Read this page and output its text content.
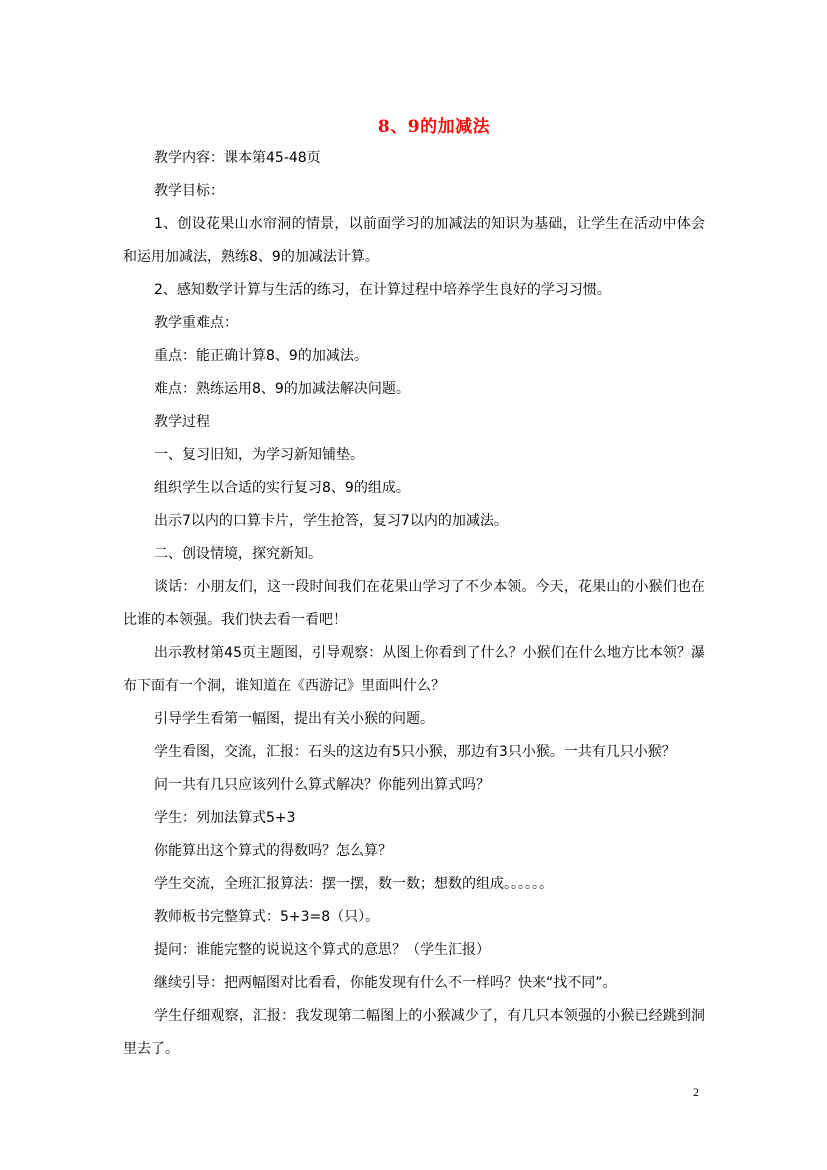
8、9的加减法

教学内容：课本第45-48页

教学目标：

1、创设花果山水帘洞的情景，以前面学习的加减法的知识为基础，让学生在活动中体会和运用加减法，熟练8、9的加减法计算。

2、感知数学计算与生活的练习，在计算过程中培养学生良好的学习习惯。

教学重难点：

重点：能正确计算8、9的加减法。

难点：熟练运用8、9的加减法解决问题。

教学过程

一、复习旧知，为学习新知铺垫。

组织学生以合适的实行复习8、9的组成。

出示7以内的口算卡片，学生抢答，复习7以内的加减法。

二、创设情境，探究新知。

谈话：小朋友们，这一段时间我们在花果山学习了不少本领。今天，花果山的小猴们也在比谁的本领强。我们快去看一看吧！

出示教材第45页主题图，引导观察：从图上你看到了什么？小猴们在什么地方比本领？瀑布下面有一个洞，谁知道在《西游记》里面叫什么？

引导学生看第一幅图，提出有关小猴的问题。

学生看图，交流，汇报：石头的这边有5只小猴，那边有3只小猴。一共有几只小猴？

问一共有几只应该列什么算式解决？你能列出算式吗？

学生：列加法算式5+3

你能算出这个算式的得数吗？怎么算？

学生交流，全班汇报算法：摆一摆，数一数；想数的组成。。。。。。

教师板书完整算式：5+3=8（只）。

提问：谁能完整的说说这个算式的意思？（学生汇报）

继续引导：把两幅图对比看看，你能发现有什么不一样吗？快来“找不同”。

学生仔细观察，汇报：我发现第二幅图上的小猴减少了，有几只本领强的小猴已经跳到洞里去了。

2
